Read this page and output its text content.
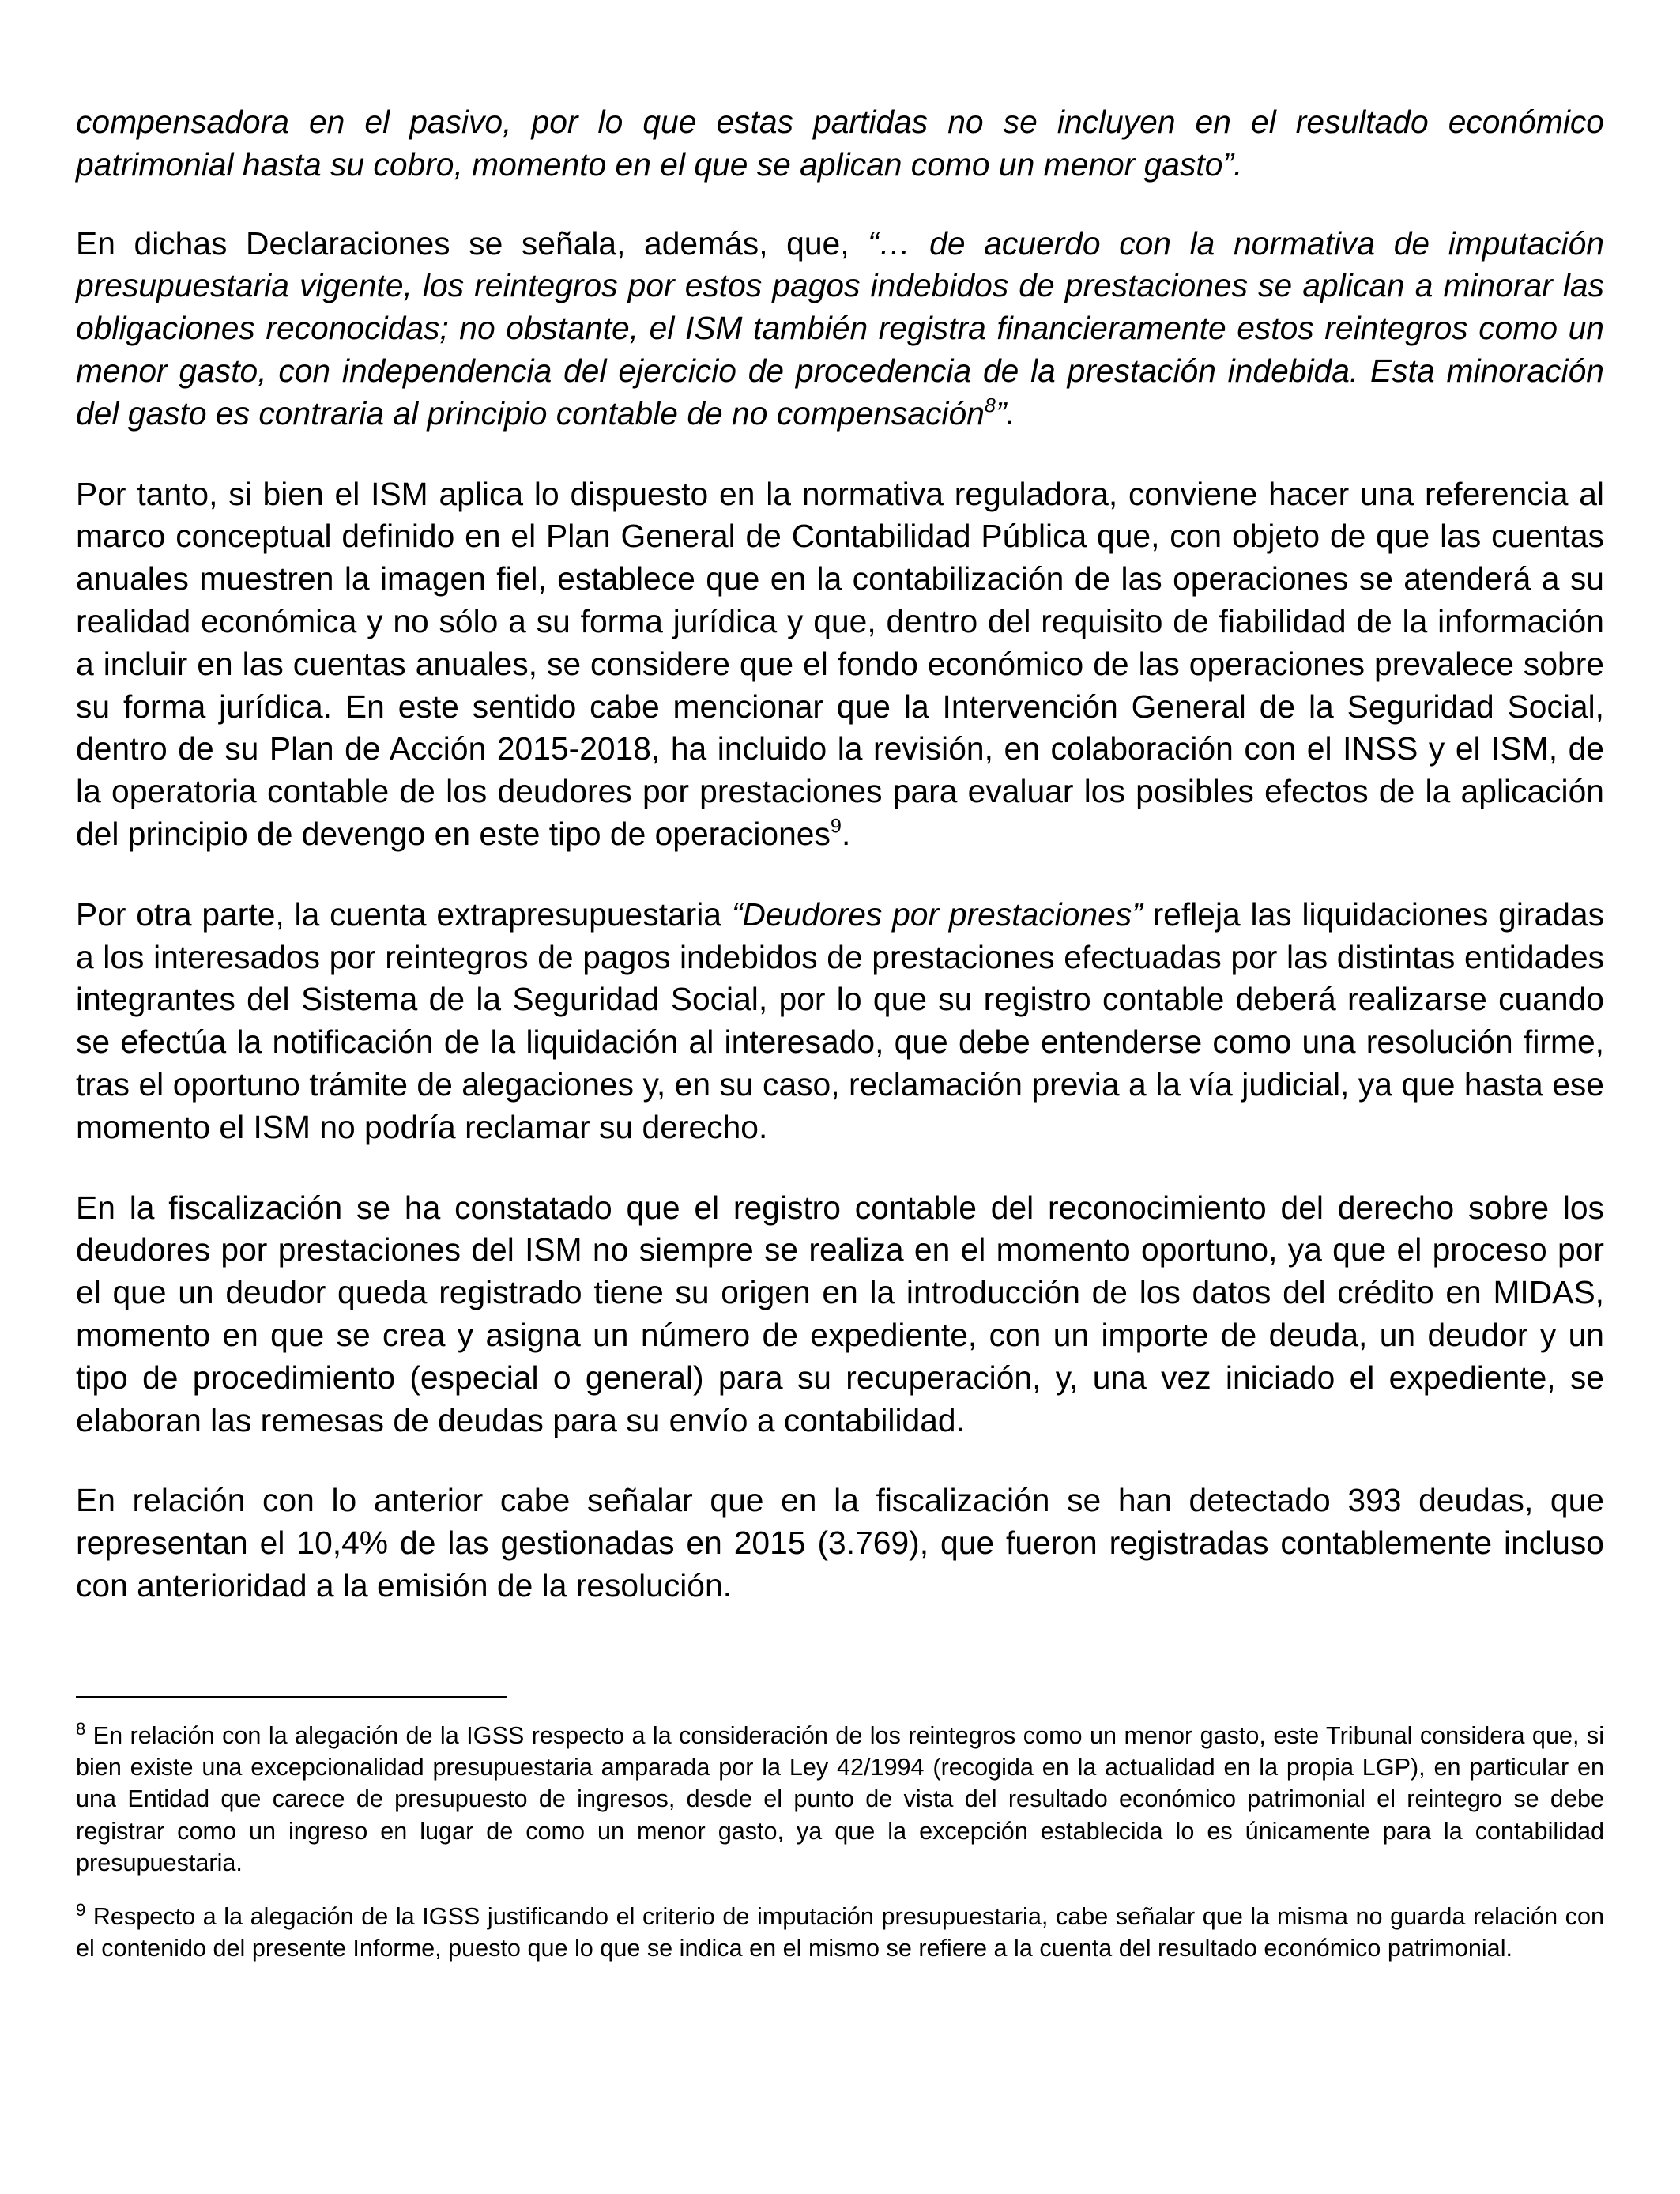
compensadora en el pasivo, por lo que estas partidas no se incluyen en el resultado económico patrimonial hasta su cobro, momento en el que se aplican como un menor gasto”.

En dichas Declaraciones se señala, además, que, “… de acuerdo con la normativa de imputación presupuestaria vigente, los reintegros por estos pagos indebidos de prestaciones se aplican a minorar las obligaciones reconocidas; no obstante, el ISM también registra financieramente estos reintegros como un menor gasto, con independencia del ejercicio de procedencia de la prestación indebida. Esta minoración del gasto es contraria al principio contable de no compensación$^8$”.

Por tanto, si bien el ISM aplica lo dispuesto en la normativa reguladora, conviene hacer una referencia al marco conceptual definido en el Plan General de Contabilidad Pública que, con objeto de que las cuentas anuales muestren la imagen fiel, establece que en la contabilización de las operaciones se atenderá a su realidad económica y no sólo a su forma jurídica y que, dentro del requisito de fiabilidad de la información a incluir en las cuentas anuales, se considere que el fondo económico de las operaciones prevalece sobre su forma jurídica. En este sentido cabe mencionar que la Intervención General de la Seguridad Social, dentro de su Plan de Acción 2015-2018, ha incluido la revisión, en colaboración con el INSS y el ISM, de la operatoria contable de los deudores por prestaciones para evaluar los posibles efectos de la aplicación del principio de devengo en este tipo de operaciones$^9$.

Por otra parte, la cuenta extrapresupuestaria “Deudores por prestaciones” refleja las liquidaciones giradas a los interesados por reintegros de pagos indebidos de prestaciones efectuadas por las distintas entidades integrantes del Sistema de la Seguridad Social, por lo que su registro contable deberá realizarse cuando se efectúa la notificación de la liquidación al interesado, que debe entenderse como una resolución firme, tras el oportuno trámite de alegaciones y, en su caso, reclamación previa a la vía judicial, ya que hasta ese momento el ISM no podría reclamar su derecho.

En la fiscalización se ha constatado que el registro contable del reconocimiento del derecho sobre los deudores por prestaciones del ISM no siempre se realiza en el momento oportuno, ya que el proceso por el que un deudor queda registrado tiene su origen en la introducción de los datos del crédito en MIDAS, momento en que se crea y asigna un número de expediente, con un importe de deuda, un deudor y un tipo de procedimiento (especial o general) para su recuperación, y, una vez iniciado el expediente, se elaboran las remesas de deudas para su envío a contabilidad.

En relación con lo anterior cabe señalar que en la fiscalización se han detectado 393 deudas, que representan el 10,4% de las gestionadas en 2015 (3.769), que fueron registradas contablemente incluso con anterioridad a la emisión de la resolución.

$^8$ En relación con la alegación de la IGSS respecto a la consideración de los reintegros como un menor gasto, este Tribunal considera que, si bien existe una excepcionalidad presupuestaria amparada por la Ley 42/1994 (recogida en la actualidad en la propia LGP), en particular en una Entidad que carece de presupuesto de ingresos, desde el punto de vista del resultado económico patrimonial el reintegro se debe registrar como un ingreso en lugar de como un menor gasto, ya que la excepción establecida lo es únicamente para la contabilidad presupuestaria.

$^9$ Respecto a la alegación de la IGSS justificando el criterio de imputación presupuestaria, cabe señalar que la misma no guarda relación con el contenido del presente Informe, puesto que lo que se indica en el mismo se refiere a la cuenta del resultado económico patrimonial.
